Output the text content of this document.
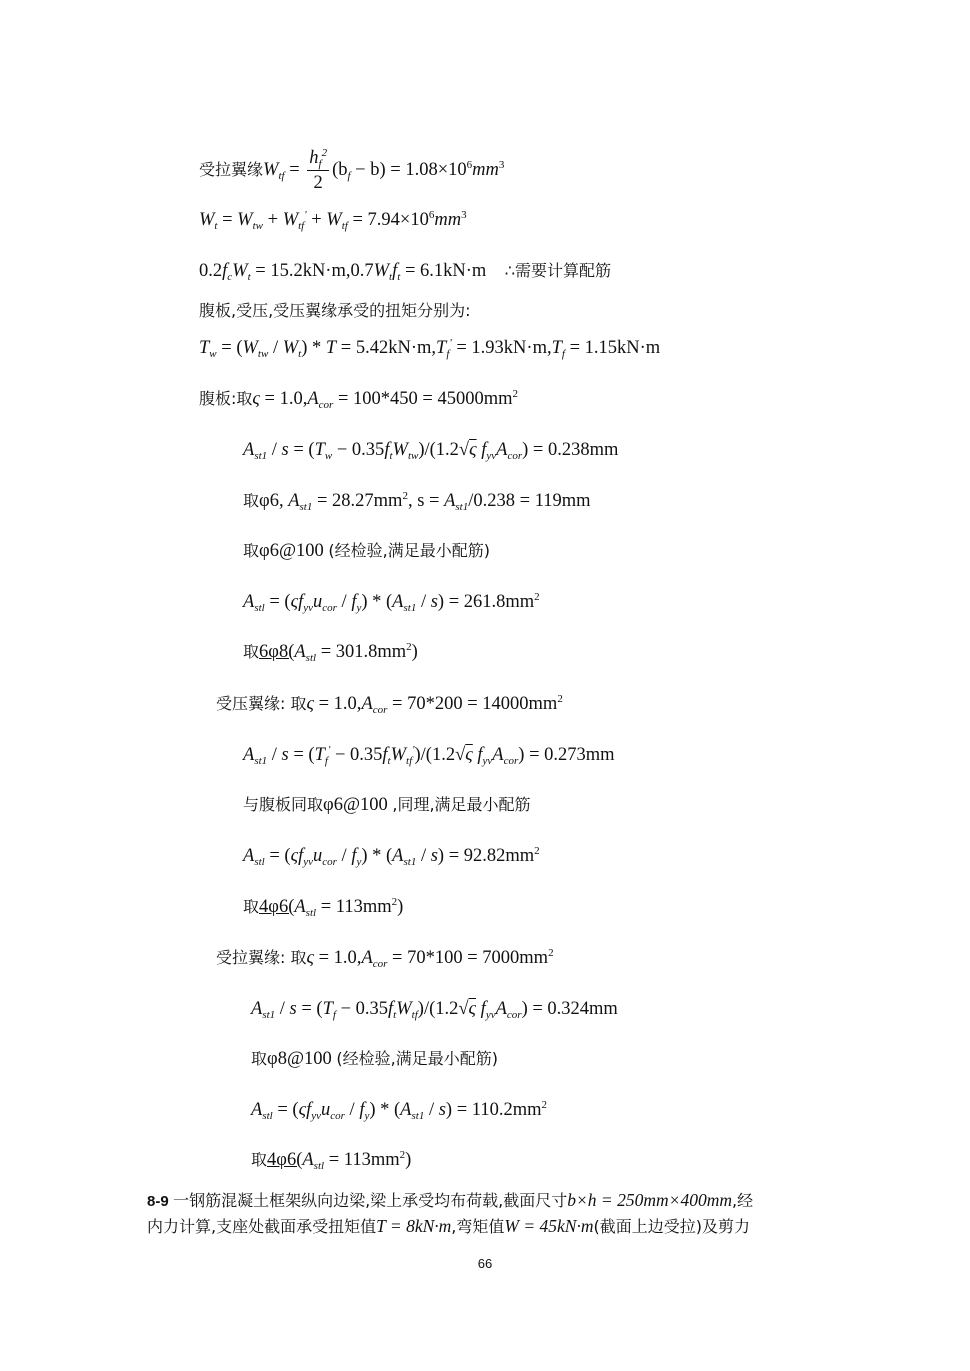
受拉翼缘$W_{tf} = \frac{h_f^2}{2} (b_f - b) = 1.08\times 10^6mm^3$
$W_t = W_{tw} + W_{tf}' + W_{tf} = 7.94\times 10^6mm^3$
$0.2f_cW_t = 15.2kN\cdot m,0.7W_tf_t = 6.1kN\cdot m$ ∴需要计算配筋
腹板,受压,受压翼缘承受的扭矩分别为:
$T_w = (W_{tw} / W_t) * T = 5.42kN\cdot m,T_f' = 1.93kN\cdot m,T_f = 1.15kN\cdot m$
腹板:取$\varsigma = 1.0,A_{cor} = 100*450 = 45000mm^2$
$A_{st1} / s = (T_w - 0.35f_tW_{tw})/(1.2√\varsigma$ $f_{yv}A_{cor}) = 0.238mm$
取φ6, $A_{st1} = 28.27mm^2$, $s = A_{st1}/0.238 = 119mm$
取φ6@100 (经检验,满足最小配筋)
$A_{stl} = (\varsigma f_{yv}u_{cor} / f_y) * (A_{st1} / s) = 261.8mm^2$
取$6\varphi 8(A_{stl} = 301.8mm^2)$
受压翼缘: 取$\varsigma = 1.0,A_{cor} = 70*200 = 14000mm^2$
$A_{st1} / s = (T_f' - 0.35f_tW_{tf}')/(1.2√\varsigma$ $f_{yv}A_{cor}) = 0.273mm$
与腹板同取φ6@100 ,同理,满足最小配筋
$A_{stl} = (\varsigma f_{yv}u_{cor} / f_y) * (A_{st1} / s) = 92.82mm^2$
取$4\varphi 6(A_{stl} = 113mm^2)$
受拉翼缘: 取$\varsigma = 1.0,A_{cor} = 70*100 = 7000mm^2$
$A_{st1} / s = (T_f - 0.35f_tW_{tf})/(1.2√\varsigma$ $f_{yv}A_{cor}) = 0.324mm$
取φ8@100 (经检验,满足最小配筋)
$A_{stl} = (\varsigma f_{yv}u_{cor} / f_y) * (A_{st1} / s) = 110.2mm^2$
取$4\varphi 6(A_{stl} = 113mm^2)$
8-9 一钢筋混凝土框架纵向边梁,梁上承受均布荷载,截面尺寸b×h = 250mm×400mm,经
内力计算,支座处截面承受扭矩值T = 8kN·m,弯矩值W = 45kN·m(截面上边受拉)及剪力
66
